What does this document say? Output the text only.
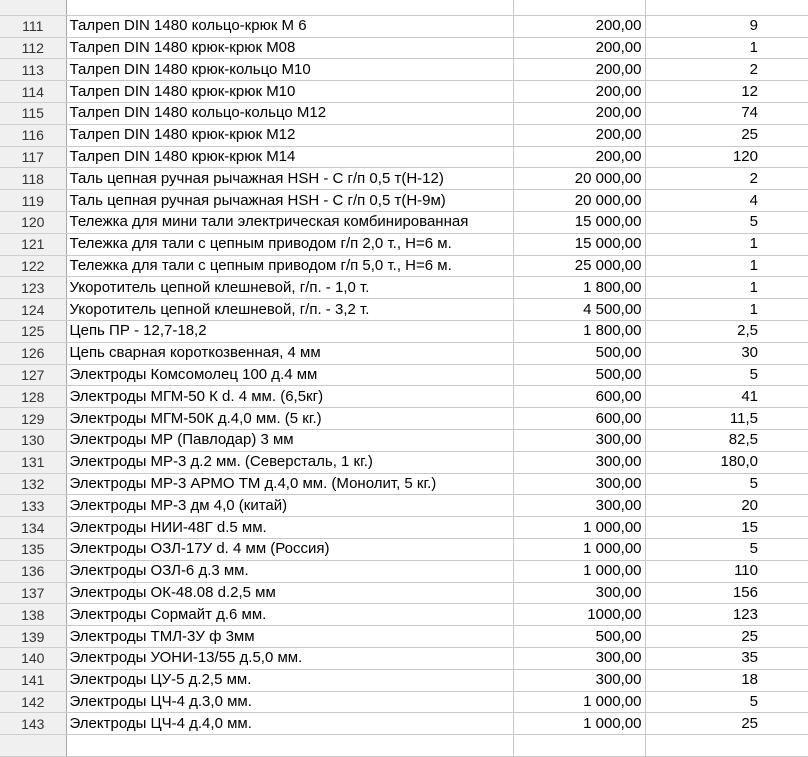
111	Талреп DIN 1480 кольцо-крюк М 6	200,00	9	
112	Талреп DIN 1480 крюк-крюк М08	200,00	1	
113	Талреп DIN 1480 крюк-кольцо М10	200,00	2	
114	Талреп DIN 1480 крюк-крюк М10	200,00	12	
115	Талреп DIN 1480 кольцо-кольцо М12	200,00	74	
116	Талреп DIN 1480 крюк-крюк М12	200,00	25	
117	Талреп DIN 1480 крюк-крюк М14	200,00	120	
118	Таль цепная ручная рычажная HSH - C г/п 0,5 т(Н-12)	20 000,00	2	
119	Таль цепная ручная рычажная HSH - C г/п 0,5 т(Н-9м)	20 000,00	4	
120	Тележка для мини тали электрическая комбинированная	15 000,00	5	
121	Тележка для тали с цепным приводом г/п 2,0 т., Н=6 м.	15 000,00	1	
122	Тележка для тали с цепным приводом г/п 5,0 т., Н=6 м.	25 000,00	1	
123	Укоротитель цепной клешневой, г/п. - 1,0 т.	1 800,00	1	
124	Укоротитель цепной клешневой, г/п. - 3,2 т.	4 500,00	1	
125	Цепь ПР - 12,7-18,2	1 800,00	2,5	
126	Цепь сварная короткозвенная, 4 мм	500,00	30	
127	Электроды Комсомолец 100 д.4 мм	500,00	5	
128	Электроды МГМ-50 К d. 4 мм. (6,5кг)	600,00	41	
129	Электроды МГМ-50К д.4,0 мм. (5 кг.)	600,00	11,5	
130	Электроды МР (Павлодар) 3 мм	300,00	82,5	
131	Электроды МР-3 д.2 мм. (Северсталь, 1 кг.)	300,00	180,0	
132	Электроды МР-3 АРМО ТМ д.4,0 мм. (Монолит, 5 кг.)	300,00	5	
133	Электроды МР-3 дм 4,0 (китай)	300,00	20	
134	Электроды НИИ-48Г d.5 мм.	1 000,00	15	
135	Электроды ОЗЛ-17У d. 4 мм (Россия)	1 000,00	5	
136	Электроды ОЗЛ-6 д.3 мм.	1 000,00	110	
137	Электроды ОК-48.08 d.2,5 мм	300,00	156	
138	Электроды Сормайт д.6 мм.	1000,00	123	
139	Электроды ТМЛ-3У ф 3мм	500,00	25	
140	Электроды УОНИ-13/55 д.5,0 мм.	300,00	35	
141	Электроды ЦУ-5 д.2,5 мм.	300,00	18	
142	Электроды ЦЧ-4 д.3,0 мм.	1 000,00	5	
143	Электроды ЦЧ-4 д.4,0 мм.	1 000,00	25	
